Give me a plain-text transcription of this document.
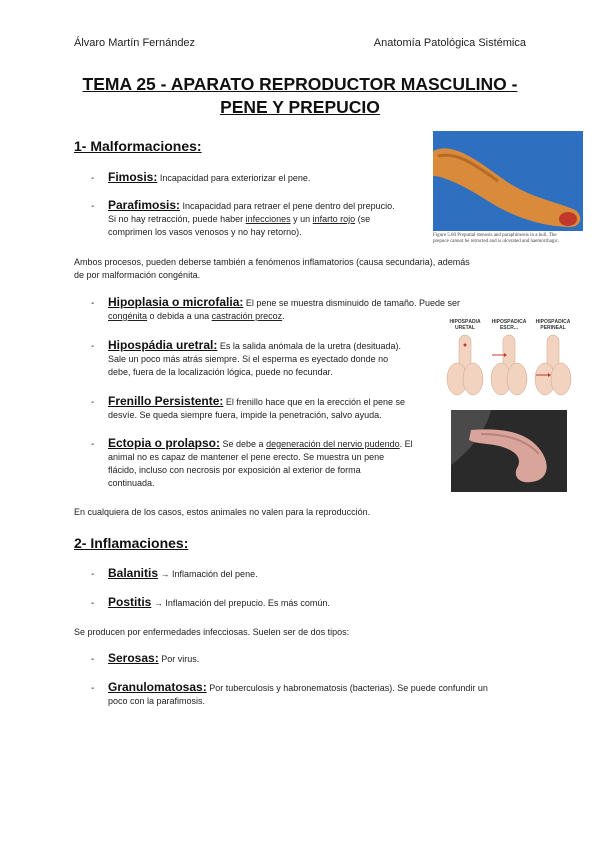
Álvaro Martín Fernández	Anatomía Patológica Sistémica
TEMA 25 - APARATO REPRODUCTOR MASCULINO -
PENE Y PREPUCIO
1- Malformaciones:
- Fimosis: Incapacidad para exteriorizar el pene.
- Parafimosis: Incapacidad para retraer el pene dentro del prepucio.
Si no hay retracción, puede haber infecciones y un infarto rojo (se
comprimen los vasos venosos y no hay retorno).
Ambos procesos, pueden deberse también a fenómenos inflamatorios (causa secundaria), además
de por malformación congénita.
- Hipoplasia o microfalia: El pene se muestra disminuido de tamaño. Puede ser
congénita o debida a una castración precoz.
- Hipospádia uretral: Es la salida anómala de la uretra (desituada).
Sale un poco más atrás siempre. Si el esperma es eyectado donde no
debe, fuera de la localización lógica, puede no fecundar.
- Frenillo Persistente: El frenillo hace que en la erección el pene se
desvíe. Se queda siempre fuera, impide la penetración, salvo ayuda.
- Ectopia o prolapso: Se debe a degeneración del nervio pudendo. El
animal no es capaz de mantener el pene erecto. Se muestra un pene
flácido, incluso con necrosis por exposición al exterior de forma
continuada.
En cualquiera de los casos, estos animales no valen para la reproducción.
2- Inflamaciones:
- Balanitis → Inflamación del pene.
- Postitis → Inflamación del prepucio. Es más común.
Se producen por enfermedades infecciosas. Suelen ser de dos tipos:
- Serosas: Por virus.
- Granulomatosas: Por tuberculosis y habronematosis (bacterias). Se puede confundir un
poco con la parafimosis.
Figure 5.60 Preputial stenosis and paraphimosis in a bull. The
prepuce cannot be retracted and is ulcerated and haemorrhagic.
HIPOSPÀDIA URETAL
HIPOSPÀDICA ESCR...
HIPOSPÀDICA PERINEAL
